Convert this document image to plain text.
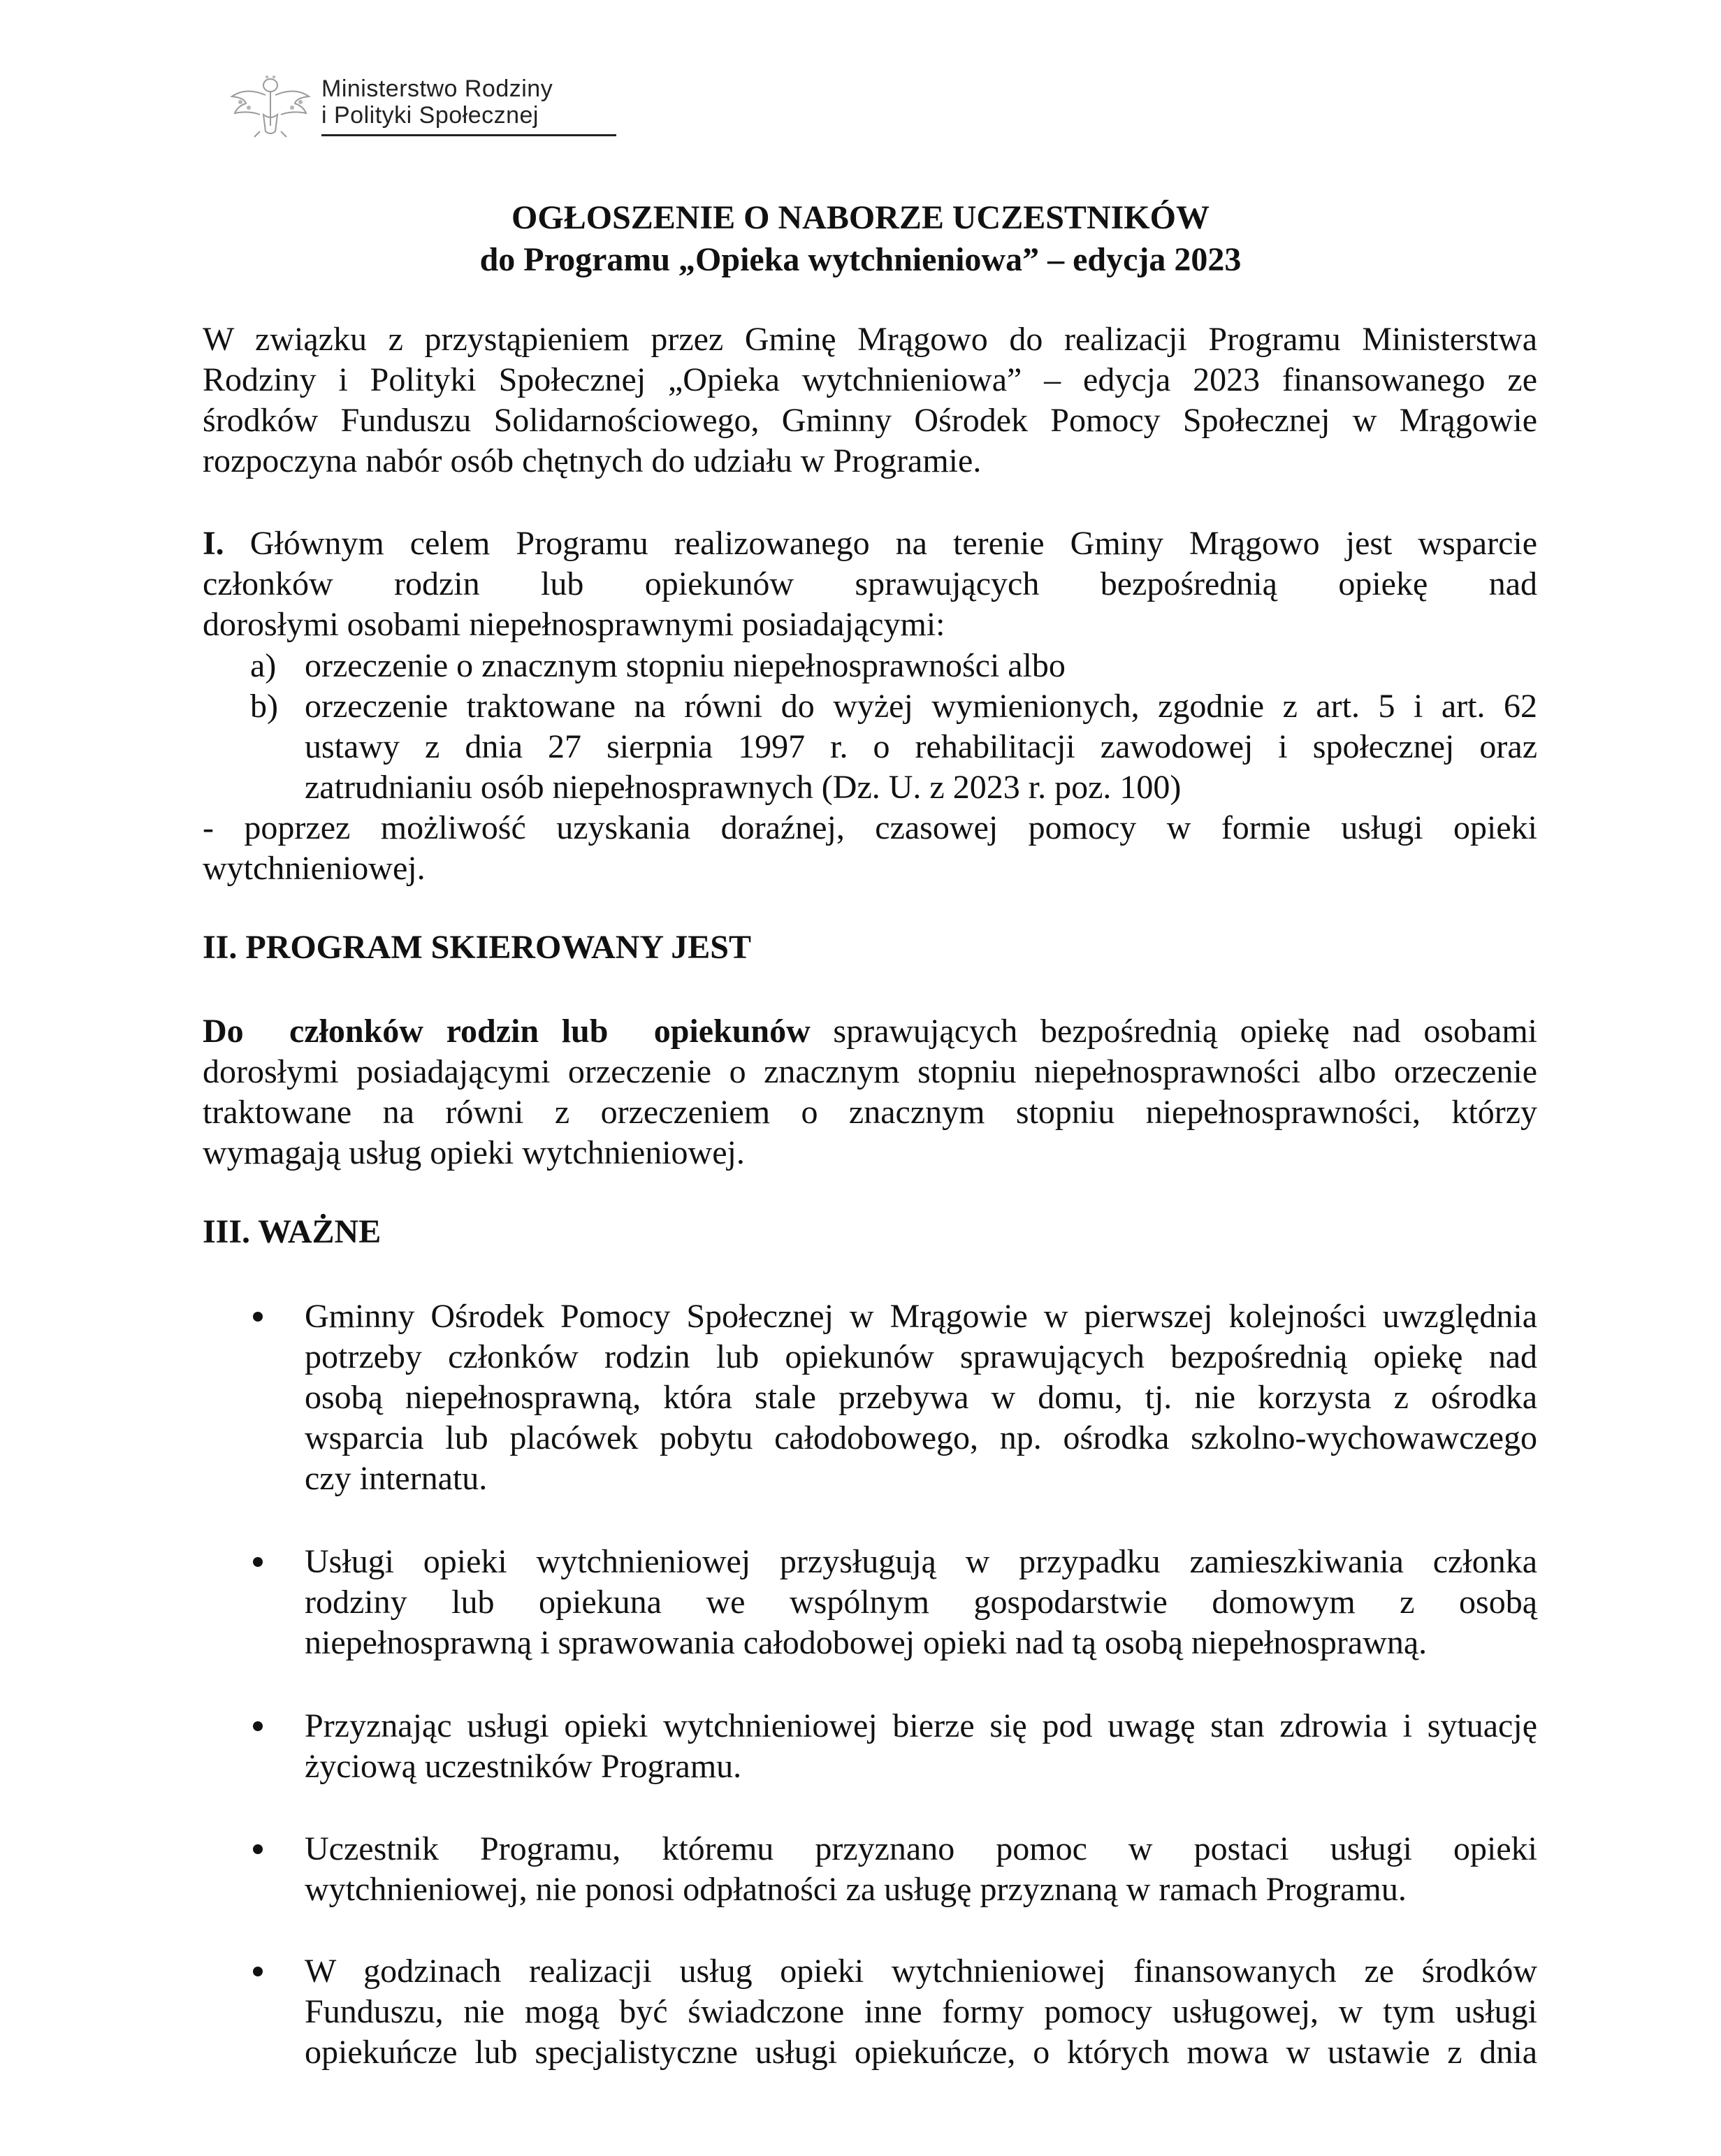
Ministerstwo Rodziny
i Polityki Społecznej
OGŁOSZENIE O NABORZE UCZESTNIKÓW
do Programu „Opieka wytchnieniowa” – edycja 2023

W związku z przystąpieniem przez Gminę Mrągowo do realizacji Programu Ministerstwa

Rodziny i Polityki Społecznej „Opieka wytchnieniowa” – edycja 2023 finansowanego ze

środków Funduszu Solidarnościowego, Gminny Ośrodek Pomocy Społecznej w Mrągowie

rozpoczyna nabór osób chętnych do udziału w Programie.

I. Głównym celem Programu realizowanego na terenie Gminy Mrągowo jest wsparcie

członków rodzin lub opiekunów sprawujących bezpośrednią opiekę nad

dorosłymi osobami niepełnosprawnymi posiadającymi:

a) orzeczenie o znacznym stopniu niepełnosprawności albo

b) orzeczenie traktowane na równi do wyżej wymienionych, zgodnie z art. 5 i art. 62

ustawy z dnia 27 sierpnia 1997 r. o rehabilitacji zawodowej i społecznej oraz

zatrudnianiu osób niepełnosprawnych (Dz. U. z 2023 r. poz. 100)

- poprzez możliwość uzyskania doraźnej, czasowej pomocy w formie usługi opieki

wytchnieniowej.

II. PROGRAM SKIEROWANY JEST

Do  członków rodzin lub  opiekunów sprawujących bezpośrednią opiekę nad osobami

dorosłymi posiadającymi orzeczenie o znacznym stopniu niepełnosprawności albo orzeczenie

traktowane na równi z orzeczeniem o znacznym stopniu niepełnosprawności, którzy

wymagają usług opieki wytchnieniowej.

III. WAŻNE

Gminny Ośrodek Pomocy Społecznej w Mrągowie w pierwszej kolejności uwzględnia

potrzeby członków rodzin lub opiekunów sprawujących bezpośrednią opiekę nad

osobą niepełnosprawną, która stale przebywa w domu, tj. nie korzysta z ośrodka

wsparcia lub placówek pobytu całodobowego, np. ośrodka szkolno-wychowawczego

czy internatu.

Usługi opieki wytchnieniowej przysługują w przypadku zamieszkiwania członka

rodziny lub opiekuna we wspólnym gospodarstwie domowym z osobą

niepełnosprawną i sprawowania całodobowej opieki nad tą osobą niepełnosprawną.

Przyznając usługi opieki wytchnieniowej bierze się pod uwagę stan zdrowia i sytuację

życiową uczestników Programu.

Uczestnik Programu, któremu przyznano pomoc w postaci usługi opieki

wytchnieniowej, nie ponosi odpłatności za usługę przyznaną w ramach Programu.

W godzinach realizacji usług opieki wytchnieniowej finansowanych ze środków

Funduszu, nie mogą być świadczone inne formy pomocy usługowej, w tym usługi

opiekuńcze lub specjalistyczne usługi opiekuńcze, o których mowa w ustawie z dnia
